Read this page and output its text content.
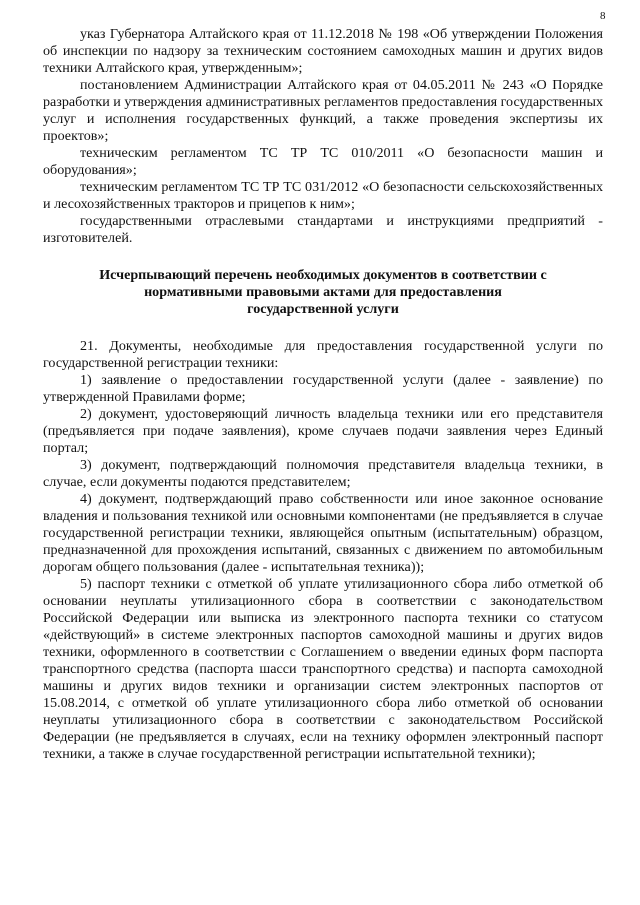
8

указ Губернатора Алтайского края от 11.12.2018 № 198 «Об утверждении Положения об инспекции по надзору за техническим состоянием самоходных машин и других видов техники Алтайского края, утвержденным»;

постановлением Администрации Алтайского края от 04.05.2011 № 243 «О Порядке разработки и утверждения административных регламентов предоставления государственных услуг и исполнения государственных функций, а также проведения экспертизы их проектов»;

техническим регламентом ТС ТР ТС 010/2011 «О безопасности машин и оборудования»;

техническим регламентом ТС ТР ТС 031/2012 «О безопасности сельскохозяйственных и лесохозяйственных тракторов и прицепов к ним»;

государственными отраслевыми стандартами и инструкциями предприятий - изготовителей.

Исчерпывающий перечень необходимых документов в соответствии с
нормативными правовыми актами для предоставления
государственной услуги

21. Документы, необходимые для предоставления государственной услуги по государственной регистрации техники:

1) заявление о предоставлении государственной услуги (далее - заявление) по утвержденной Правилами форме;

2) документ, удостоверяющий личность владельца техники или его представителя (предъявляется при подаче заявления), кроме случаев подачи заявления через Единый портал;

3) документ, подтверждающий полномочия представителя владельца техники, в случае, если документы подаются представителем;

4) документ, подтверждающий право собственности или иное законное основание владения и пользования техникой или основными компонентами (не предъявляется в случае государственной регистрации техники, являющейся опытным (испытательным) образцом, предназначенной для прохождения испытаний, связанных с движением по автомобильным дорогам общего пользования (далее - испытательная техника));

5) паспорт техники с отметкой об уплате утилизационного сбора либо отметкой об основании неуплаты утилизационного сбора в соответствии с законодательством Российской Федерации или выписка из электронного паспорта техники со статусом «действующий» в системе электронных паспортов самоходной машины и других видов техники, оформленного в соответствии с Соглашением о введении единых форм паспорта транспортного средства (паспорта шасси транспортного средства) и паспорта самоходной машины и других видов техники и организации систем электронных паспортов от 15.08.2014, с отметкой об уплате утилизационного сбора либо отметкой об основании неуплаты утилизационного сбора в соответствии с законодательством Российской Федерации (не предъявляется в случаях, если на технику оформлен электронный паспорт техники, а также в случае государственной регистрации испытательной техники);
